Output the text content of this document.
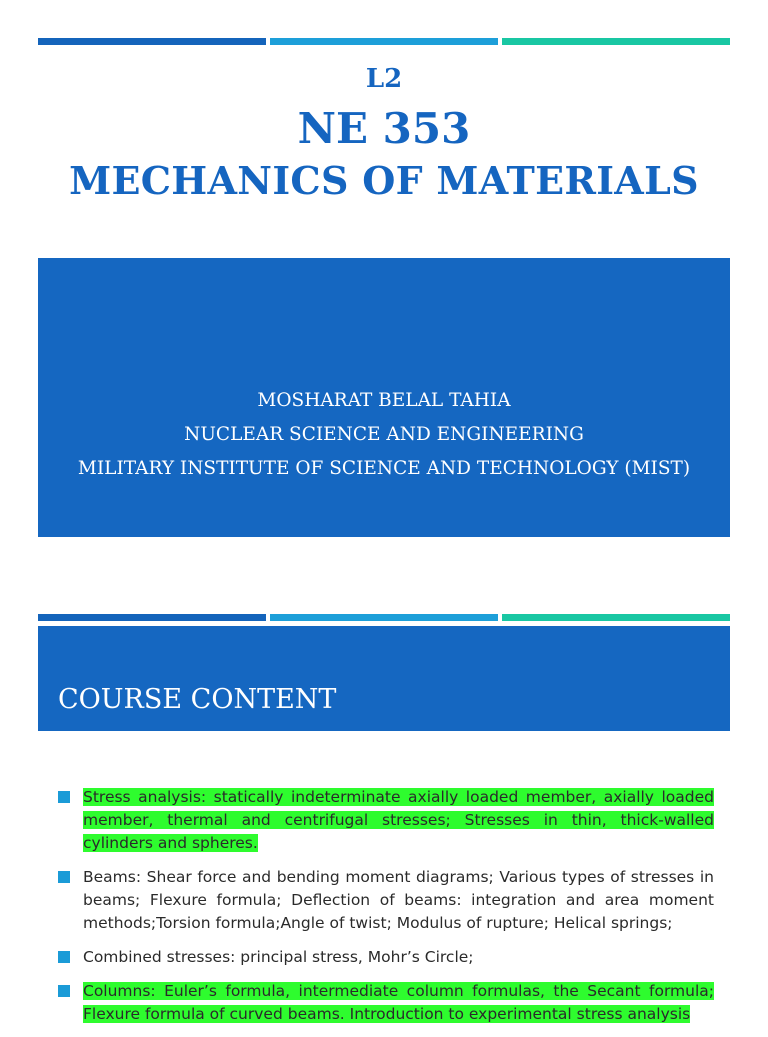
L2
NE 353
MECHANICS OF MATERIALS
MOSHARAT BELAL TAHIA
NUCLEAR SCIENCE AND ENGINEERING
MILITARY INSTITUTE OF SCIENCE AND TECHNOLOGY (MIST)
COURSE CONTENT
Stress analysis: statically indeterminate axially loaded member, axially loaded member, thermal and centrifugal stresses; Stresses in thin, thick-walled cylinders and spheres.
Beams: Shear force and bending moment diagrams; Various types of stresses in beams; Flexure formula; Deflection of beams: integration and area moment methods;Torsion formula;Angle of twist; Modulus of rupture; Helical springs;
Combined stresses: principal stress, Mohr’s Circle;
Columns: Euler’s formula, intermediate column formulas, the Secant formula; Flexure formula of curved beams. Introduction to experimental stress analysis
